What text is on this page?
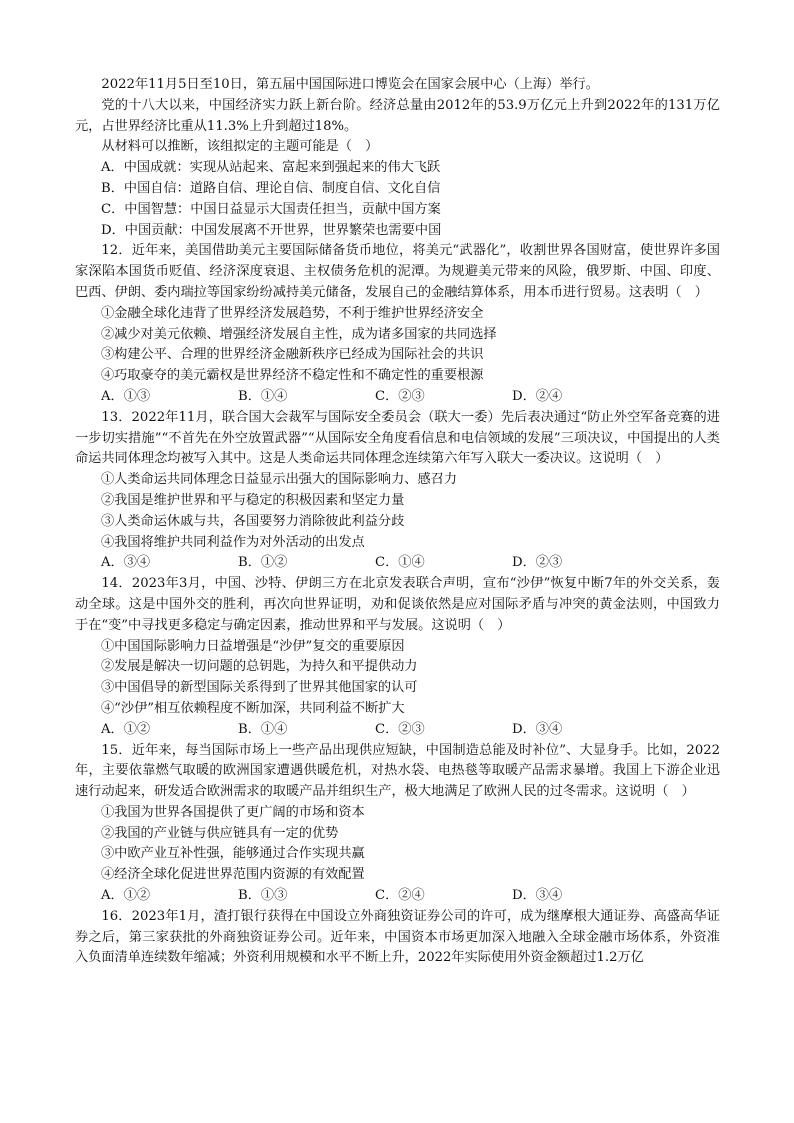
2022年11月5日至10日，第五届中国国际进口博览会在国家会展中心（上海）举行。

党的十八大以来，中国经济实力跃上新台阶。经济总量由2012年的53.9万亿元上升到2022年的131万亿元，占世界经济比重从11.3%上升到超过18%。

从材料可以推断，该组拟定的主题可能是（　）

A．中国成就：实现从站起来、富起来到强起来的伟大飞跃

B．中国自信：道路自信、理论自信、制度自信、文化自信

C．中国智慧：中国日益显示大国责任担当，贡献中国方案

D．中国贡献：中国发展离不开世界，世界繁荣也需要中国

12．近年来，美国借助美元主要国际储备货币地位，将美元“武器化”，收割世界各国财富，使世界许多国家深陷本国货币贬值、经济深度衰退、主权债务危机的泥潭。为规避美元带来的风险，俄罗斯、中国、印度、巴西、伊朗、委内瑞拉等国家纷纷减持美元储备，发展自己的金融结算体系，用本币进行贸易。这表明（　）

①金融全球化违背了世界经济发展趋势，不利于维护世界经济安全

②减少对美元依赖、增强经济发展自主性，成为诸多国家的共同选择

③构建公平、合理的世界经济金融新秩序已经成为国际社会的共识

④巧取豪夺的美元霸权是世界经济不稳定性和不确定性的重要根源

A．①③	B．①④	C．②③	D．②④

13．2022年11月，联合国大会裁军与国际安全委员会（联大一委）先后表决通过“防止外空军备竞赛的进一步切实措施”“不首先在外空放置武器”“从国际安全角度看信息和电信领域的发展”三项决议，中国提出的人类命运共同体理念均被写入其中。这是人类命运共同体理念连续第六年写入联大一委决议。这说明（　）

①人类命运共同体理念日益显示出强大的国际影响力、感召力

②我国是维护世界和平与稳定的积极因素和坚定力量

③人类命运休戚与共，各国要努力消除彼此利益分歧

④我国将维护共同利益作为对外活动的出发点

A．③④	B．①②	C．①④	D．②③

14．2023年3月，中国、沙特、伊朗三方在北京发表联合声明，宣布“沙伊”恢复中断7年的外交关系，轰动全球。这是中国外交的胜利，再次向世界证明，劝和促谈依然是应对国际矛盾与冲突的黄金法则，中国致力于在“变”中寻找更多稳定与确定因素，推动世界和平与发展。这说明（　）

①中国国际影响力日益增强是“沙伊”复交的重要原因

②发展是解决一切问题的总钥匙，为持久和平提供动力

③中国倡导的新型国际关系得到了世界其他国家的认可

④“沙伊”相互依赖程度不断加深，共同利益不断扩大

A．①②	B．①④	C．②③	D．③④

15．近年来，每当国际市场上一些产品出现供应短缺，中国制造总能及时补位”、大显身手。比如，2022年，主要依靠燃气取暖的欧洲国家遭遇供暖危机，对热水袋、电热毯等取暖产品需求暴增。我国上下游企业迅速行动起来，研发适合欧洲需求的取暖产品并组织生产，极大地满足了欧洲人民的过冬需求。这说明（　）

①我国为世界各国提供了更广阔的市场和资本

②我国的产业链与供应链具有一定的优势

③中欧产业互补性强，能够通过合作实现共赢

④经济全球化促进世界范围内资源的有效配置

A．①②	B．①③	C．②④	D．③④

16．2023年1月，渣打银行获得在中国设立外商独资证券公司的许可，成为继摩根大通证券、高盛高华证券之后，第三家获批的外商独资证券公司。近年来，中国资本市场更加深入地融入全球金融市场体系，外资准入负面清单连续数年缩减；外资利用规模和水平不断上升，2022年实际使用外资金额超过1.2万亿
